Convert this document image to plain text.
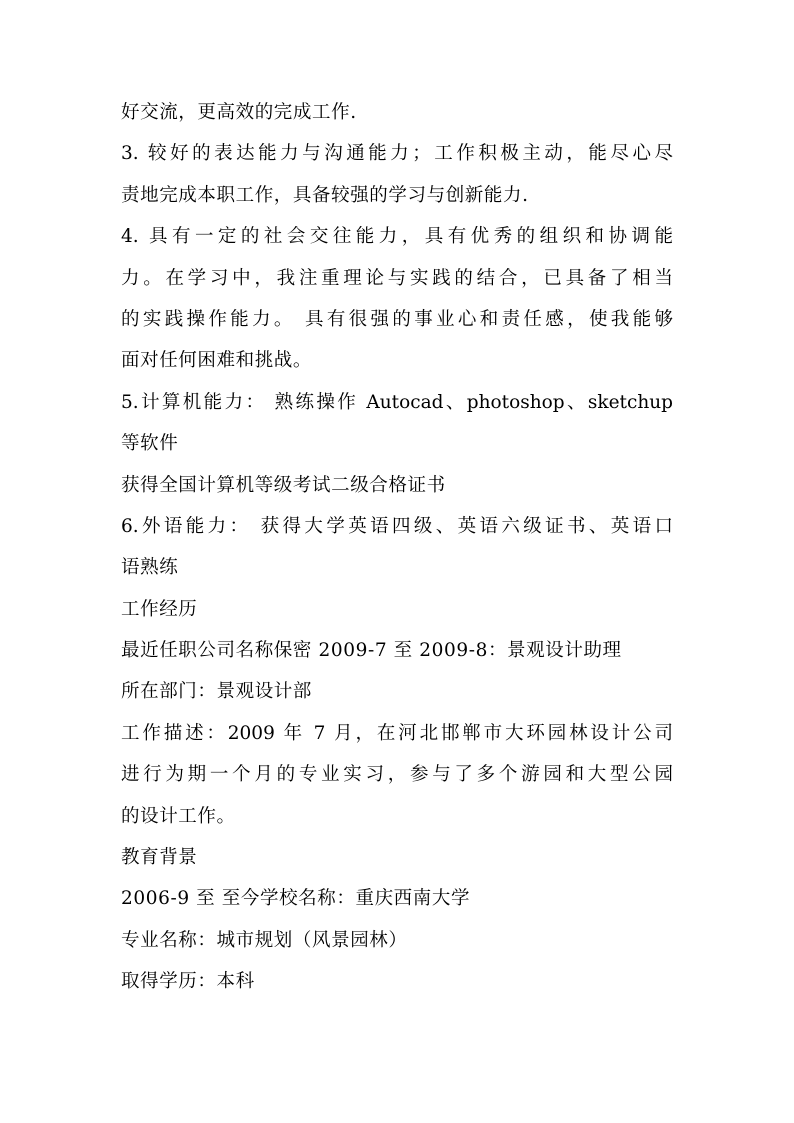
好交流，更高效的完成工作.
3. 较好的表达能力与沟通能力；工作积极主动，能尽心尽
责地完成本职工作，具备较强的学习与创新能力.
4. 具有一定的社会交往能力，具有优秀的组织和协调能
力。在学习中，我注重理论与实践的结合，已具备了相当
的实践操作能力。 具有很强的事业心和责任感，使我能够
面对任何困难和挑战。
5.计算机能力： 熟练操作 Autocad、photoshop、sketchup
等软件
获得全国计算机等级考试二级合格证书
6.外语能力： 获得大学英语四级、英语六级证书、英语口
语熟练
工作经历
最近任职公司名称保密 2009-7 至 2009-8：景观设计助理
所在部门：景观设计部
工作描述：2009 年 7 月，在河北邯郸市大环园林设计公司
进行为期一个月的专业实习，参与了多个游园和大型公园
的设计工作。
教育背景
2006-9 至 至今学校名称：重庆西南大学
专业名称：城市规划（风景园林）
取得学历：本科
